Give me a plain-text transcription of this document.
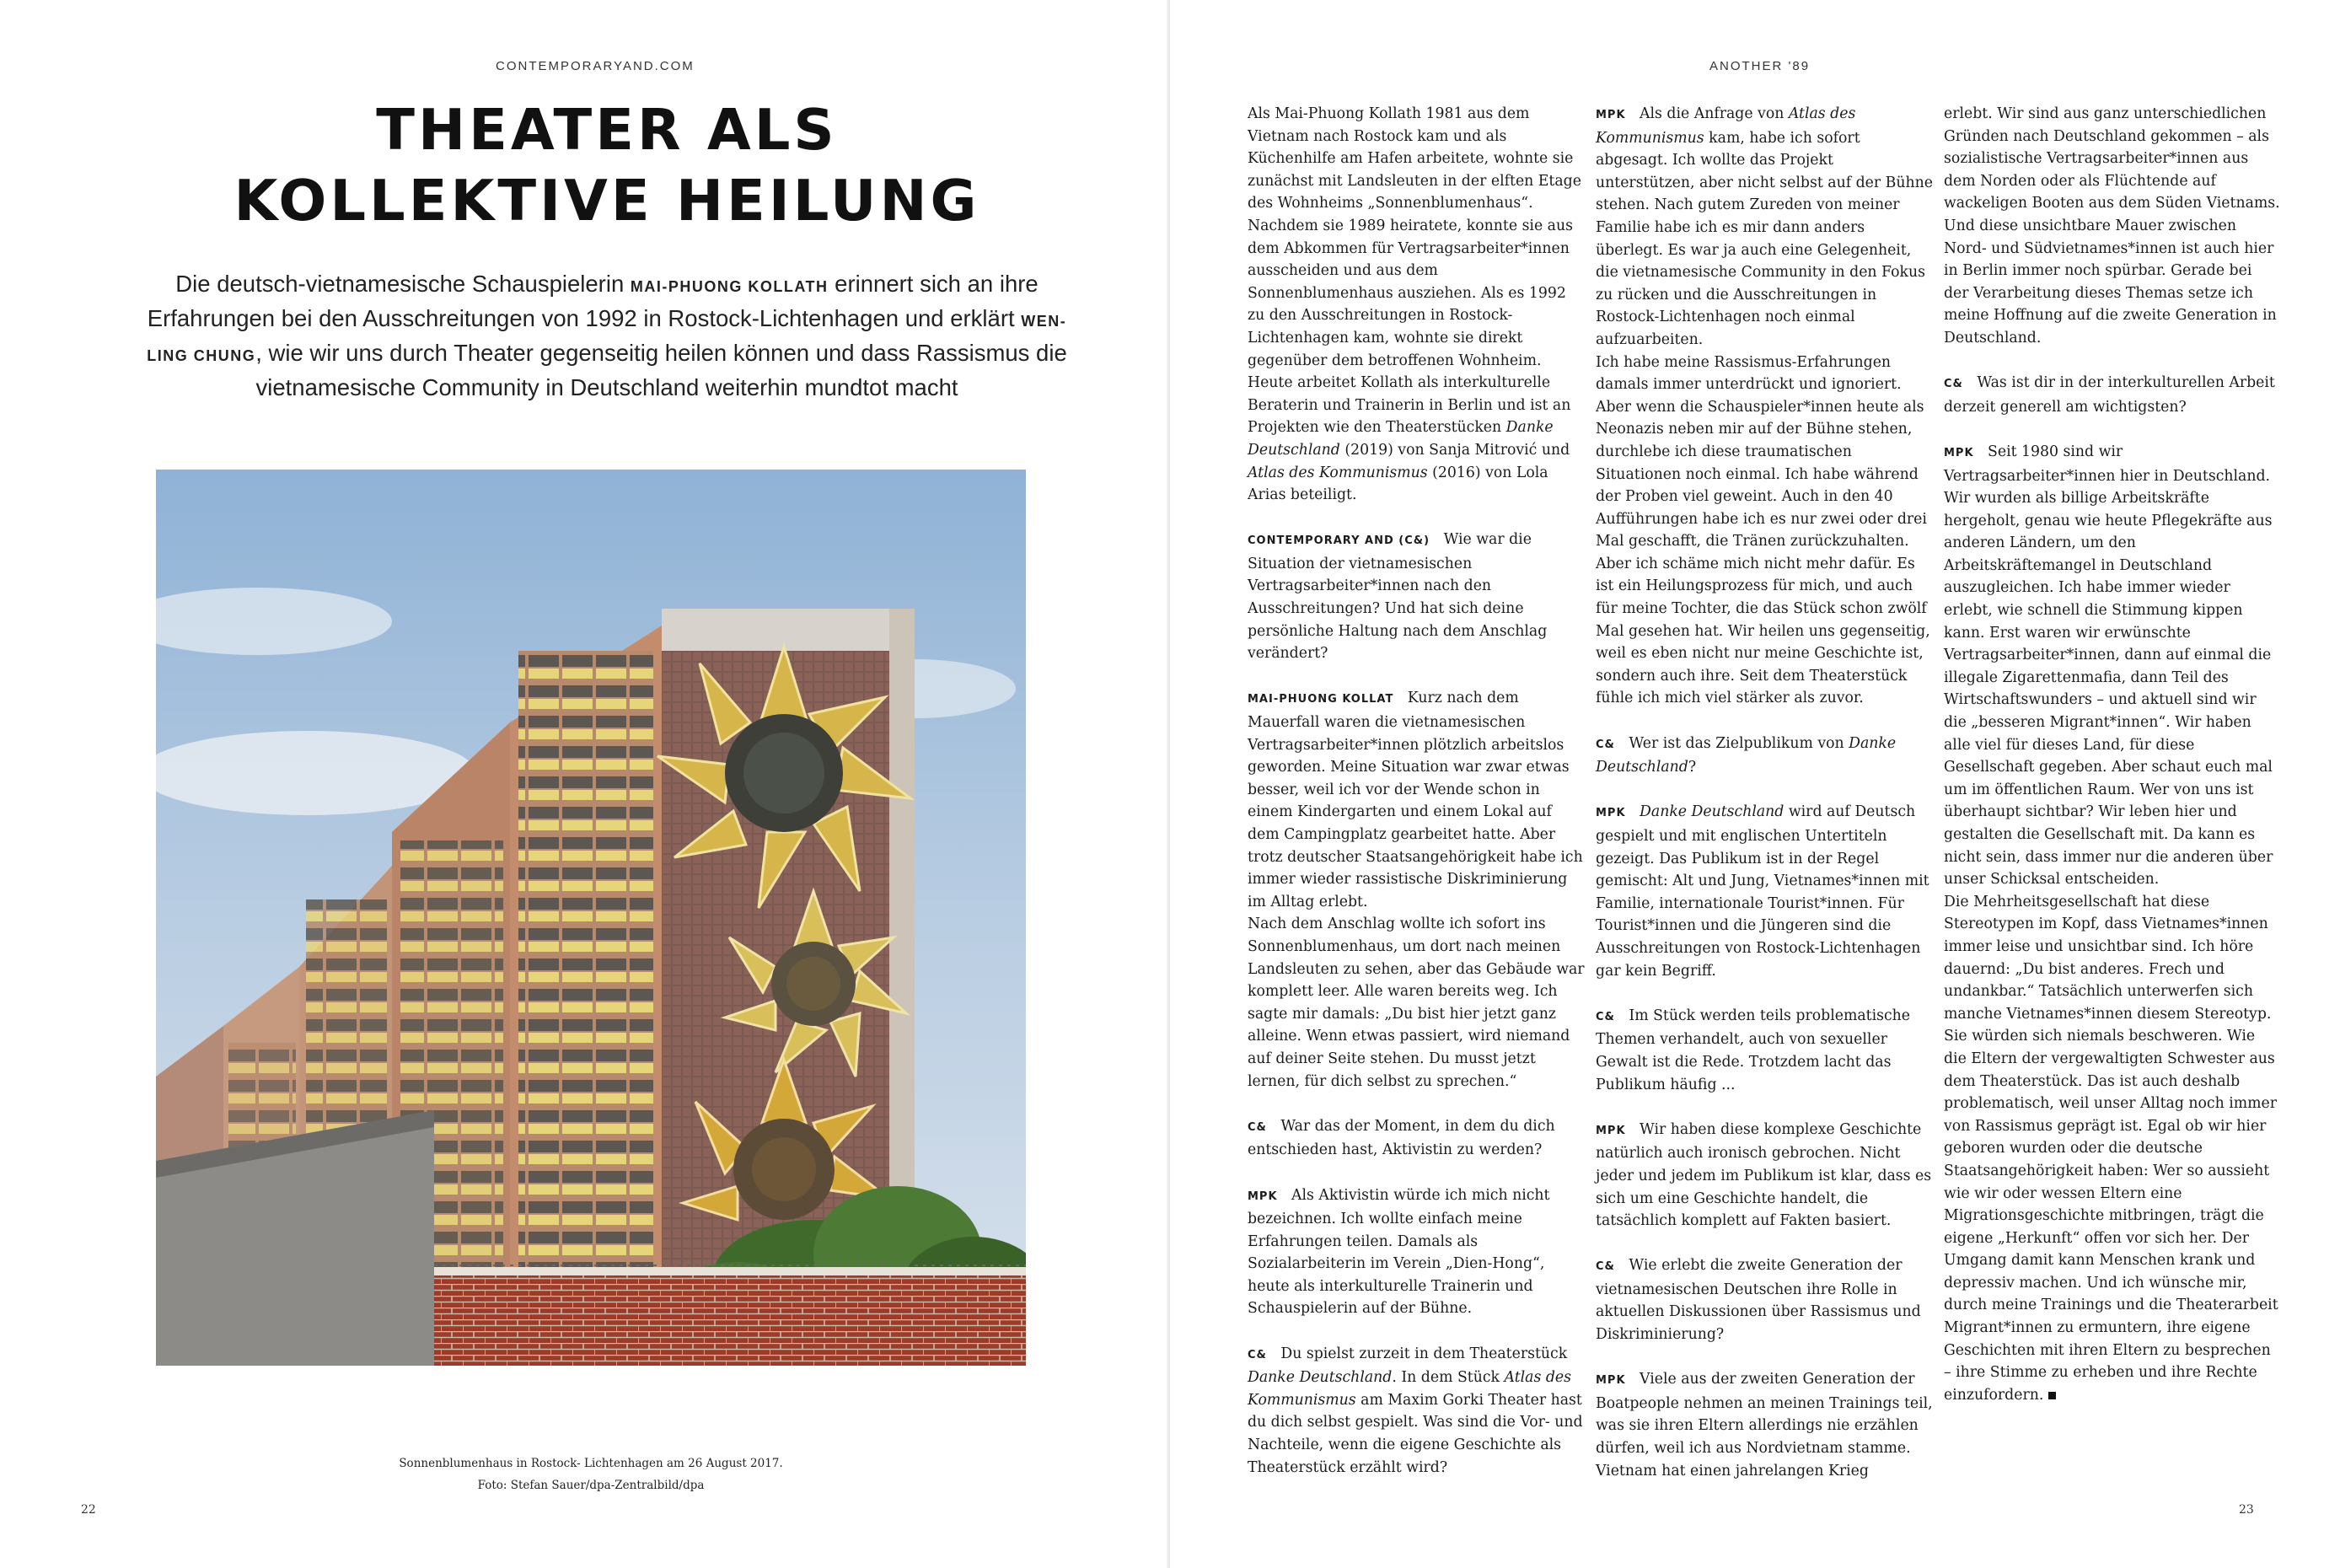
CONTEMPORARYAND.COM
THEATER ALS
KOLLEKTIVE HEILUNG

Die deutsch-vietnamesische Schauspielerin MAI-PHUONG KOLLATH erinnert sich an ihre Erfahrungen bei den Ausschreitungen von 1992 in Rostock-Lichtenhagen und erklärt WEN-LING CHUNG, wie wir uns durch Theater gegenseitig heilen können und dass Rassismus die vietnamesische Community in Deutschland weiterhin mundtot macht

Sonnenblumenhaus in Rostock- Lichtenhagen am 26 August 2017.
Foto: Stefan Sauer/dpa-Zentralbild/dpa
22
ANOTHER '89

Als Mai-Phuong Kollath 1981 aus dem Vietnam nach Rostock kam und als Küchenhilfe am Hafen arbeitete, wohnte sie zunächst mit Landsleuten in der elften Etage des Wohnheims „Sonnenblumenhaus“. Nachdem sie 1989 heiratete, konnte sie aus dem Abkommen für Vertragsarbeiter*innen ausscheiden und aus dem Sonnenblumenhaus ausziehen. Als es 1992 zu den Ausschreitungen in Rostock-Lichtenhagen kam, wohnte sie direkt gegenüber dem betroffenen Wohnheim. Heute arbeitet Kollath als interkulturelle Beraterin und Trainerin in Berlin und ist an Projekten wie den Theaterstücken Danke Deutschland (2019) von Sanja Mitrović und Atlas des Kommunismus (2016) von Lola Arias beteiligt.

CONTEMPORARY AND (C&) Wie war die Situation der vietnamesischen Vertragsarbeiter*innen nach den Ausschreitungen? Und hat sich deine persönliche Haltung nach dem Anschlag verändert?

MAI-PHUONG KOLLAT Kurz nach dem Mauerfall waren die vietnamesischen Vertragsarbeiter*innen plötzlich arbeitslos geworden. Meine Situation war zwar etwas besser, weil ich vor der Wende schon in einem Kindergarten und einem Lokal auf dem Campingplatz gearbeitet hatte. Aber trotz deutscher Staatsangehörigkeit habe ich immer wieder rassistische Diskriminierung im Alltag erlebt.

Nach dem Anschlag wollte ich sofort ins Sonnenblumenhaus, um dort nach meinen Landsleuten zu sehen, aber das Gebäude war komplett leer. Alle waren bereits weg. Ich sagte mir damals: „Du bist hier jetzt ganz alleine. Wenn etwas passiert, wird niemand auf deiner Seite stehen. Du musst jetzt lernen, für dich selbst zu sprechen.“

C& War das der Moment, in dem du dich entschieden hast, Aktivistin zu werden?

MPK Als Aktivistin würde ich mich nicht bezeichnen. Ich wollte einfach meine Erfahrungen teilen. Damals als Sozialarbeiterin im Verein „Dien-Hong“, heute als interkulturelle Trainerin und Schauspielerin auf der Bühne.

C& Du spielst zurzeit in dem Theaterstück Danke Deutschland. In dem Stück Atlas des Kommunismus am Maxim Gorki Theater hast du dich selbst gespielt. Was sind die Vor- und Nachteile, wenn die eigene Geschichte als Theaterstück erzählt wird?

MPK Als die Anfrage von Atlas des Kommunismus kam, habe ich sofort abgesagt. Ich wollte das Projekt unterstützen, aber nicht selbst auf der Bühne stehen. Nach gutem Zureden von meiner Familie habe ich es mir dann anders überlegt. Es war ja auch eine Gelegenheit, die vietnamesische Community in den Fokus zu rücken und die Ausschreitungen in Rostock-Lichtenhagen noch einmal aufzuarbeiten.

Ich habe meine Rassismus-Erfahrungen damals immer unterdrückt und ignoriert. Aber wenn die Schauspieler*innen heute als Neonazis neben mir auf der Bühne stehen, durchlebe ich diese traumatischen Situationen noch einmal. Ich habe während der Proben viel geweint. Auch in den 40 Aufführungen habe ich es nur zwei oder drei Mal geschafft, die Tränen zurückzuhalten. Aber ich schäme mich nicht mehr dafür. Es ist ein Heilungsprozess für mich, und auch für meine Tochter, die das Stück schon zwölf Mal gesehen hat. Wir heilen uns gegenseitig, weil es eben nicht nur meine Geschichte ist, sondern auch ihre. Seit dem Theaterstück fühle ich mich viel stärker als zuvor.

C& Wer ist das Zielpublikum von Danke Deutschland?

MPK Danke Deutschland wird auf Deutsch gespielt und mit englischen Untertiteln gezeigt. Das Publikum ist in der Regel gemischt: Alt und Jung, Vietnames*innen mit Familie, internationale Tourist*innen. Für Tourist*innen und die Jüngeren sind die Ausschreitungen von Rostock-Lichtenhagen gar kein Begriff.

C& Im Stück werden teils problematische Themen verhandelt, auch von sexueller Gewalt ist die Rede. Trotzdem lacht das Publikum häufig ...

MPK Wir haben diese komplexe Geschichte natürlich auch ironisch gebrochen. Nicht jeder und jedem im Publikum ist klar, dass es sich um eine Geschichte handelt, die tatsächlich komplett auf Fakten basiert.

C& Wie erlebt die zweite Generation der vietnamesischen Deutschen ihre Rolle in aktuellen Diskussionen über Rassismus und Diskriminierung?

MPK Viele aus der zweiten Generation der Boatpeople nehmen an meinen Trainings teil, was sie ihren Eltern allerdings nie erzählen dürfen, weil ich aus Nordvietnam stamme. Vietnam hat einen jahrelangen Krieg

erlebt. Wir sind aus ganz unterschiedlichen Gründen nach Deutschland gekommen – als sozialistische Vertragsarbeiter*innen aus dem Norden oder als Flüchtende auf wackeligen Booten aus dem Süden Vietnams. Und diese unsichtbare Mauer zwischen Nord- und Südvietnames*innen ist auch hier in Berlin immer noch spürbar. Gerade bei der Verarbeitung dieses Themas setze ich meine Hoffnung auf die zweite Generation in Deutschland.

C& Was ist dir in der interkulturellen Arbeit derzeit generell am wichtigsten?

MPK Seit 1980 sind wir Vertragsarbeiter*innen hier in Deutschland. Wir wurden als billige Arbeitskräfte hergeholt, genau wie heute Pflegekräfte aus anderen Ländern, um den Arbeitskräftemangel in Deutschland auszugleichen. Ich habe immer wieder erlebt, wie schnell die Stimmung kippen kann. Erst waren wir erwünschte Vertragsarbeiter*innen, dann auf einmal die illegale Zigarettenmafia, dann Teil des Wirtschaftswunders – und aktuell sind wir die „besseren Migrant*innen“. Wir haben alle viel für dieses Land, für diese Gesellschaft gegeben. Aber schaut euch mal um im öffentlichen Raum. Wer von uns ist überhaupt sichtbar? Wir leben hier und gestalten die Gesellschaft mit. Da kann es nicht sein, dass immer nur die anderen über unser Schicksal entscheiden.

Die Mehrheitsgesellschaft hat diese Stereotypen im Kopf, dass Vietnames*innen immer leise und unsichtbar sind. Ich höre dauernd: „Du bist anderes. Frech und undankbar.“ Tatsächlich unterwerfen sich manche Vietnames*innen diesem Stereotyp. Sie würden sich niemals beschweren. Wie die Eltern der vergewaltigten Schwester aus dem Theaterstück. Das ist auch deshalb problematisch, weil unser Alltag noch immer von Rassismus geprägt ist. Egal ob wir hier geboren wurden oder die deutsche Staatsangehörigkeit haben: Wer so aussieht wie wir oder wessen Eltern eine Migrationsgeschichte mitbringen, trägt die eigene „Herkunft“ offen vor sich her. Der Umgang damit kann Menschen krank und depressiv machen. Und ich wünsche mir, durch meine Trainings und die Theaterarbeit Migrant*innen zu ermuntern, ihre eigene Geschichten mit ihren Eltern zu besprechen – ihre Stimme zu erheben und ihre Rechte einzufordern.

23
